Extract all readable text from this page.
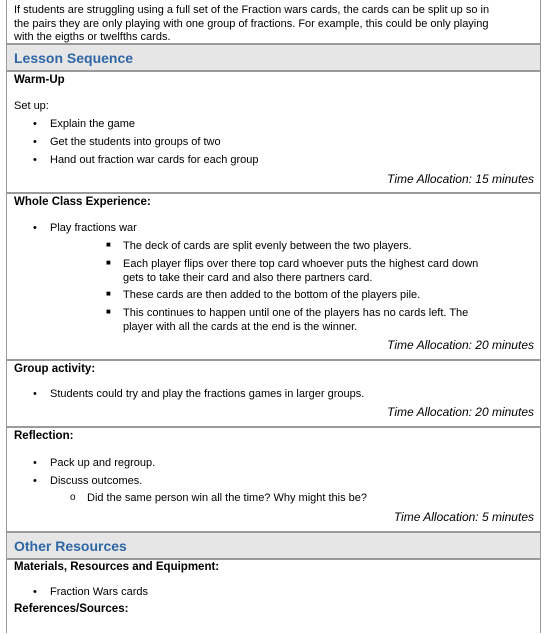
If students are struggling using a full set of the Fraction wars cards, the cards can be split up so in the pairs they are only playing with one group of fractions. For example, this could be only playing with the eigths or twelfths cards.
Lesson Sequence
Warm-Up
Set up:
• Explain the game
• Get the students into groups of two
• Hand out fraction war cards for each group
Time Allocation: 15 minutes
Whole Class Experience:
• Play fractions war
■ The deck of cards are split evenly between the two players.
■ Each player flips over there top card whoever puts the highest card down gets to take their card and also there partners card.
■ These cards are then added to the bottom of the players pile.
■ This continues to happen until one of the players has no cards left. The player with all the cards at the end is the winner.
Time Allocation: 20 minutes
Group activity:
• Students could try and play the fractions games in larger groups.
Time Allocation: 20 minutes
Reflection:
• Pack up and regroup.
• Discuss outcomes.
o Did the same person win all the time? Why might this be?
Time Allocation: 5 minutes
Other Resources
Materials, Resources and Equipment:
• Fraction Wars cards
References/Sources:
